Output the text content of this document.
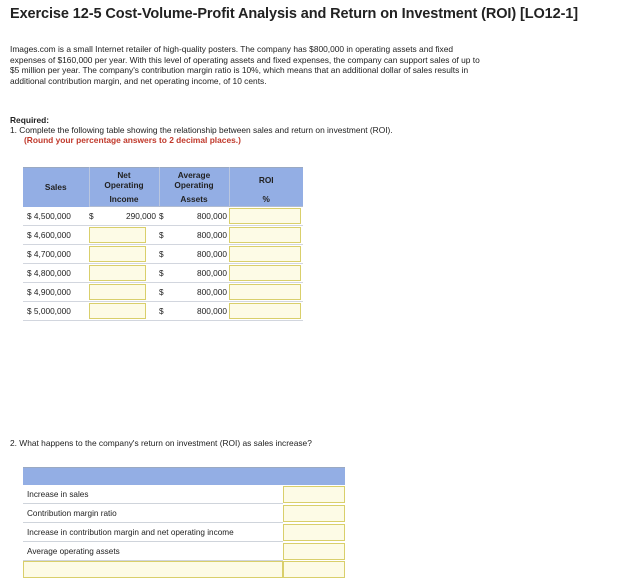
Exercise 12-5 Cost-Volume-Profit Analysis and Return on Investment (ROI) [LO12-1]
Images.com is a small Internet retailer of high-quality posters. The company has $800,000 in operating assets and fixed expenses of $160,000 per year. With this level of operating assets and fixed expenses, the company can support sales of up to $5 million per year. The company's contribution margin ratio is 10%, which means that an additional dollar of sales results in additional contribution margin, and net operating income, of 10 cents.
Required:
1. Complete the following table showing the relationship between sales and return on investment (ROI).
(Round your percentage answers to 2 decimal places.)
Sales	Net
Operating		Average
Operating		ROI
	Income		Assets		%
$ 4,500,000	$	290,000	$	800,000	

$ 4,600,000			$	800,000	

$ 4,700,000			$	800,000	

$ 4,800,000			$	800,000	

$ 4,900,000			$	800,000	

$ 5,000,000			$	800,000	
2. What happens to the company's return on investment (ROI) as sales increase?

Increase in sales	

Contribution margin ratio	

Increase in contribution margin and net operating income	

Average operating assets	
